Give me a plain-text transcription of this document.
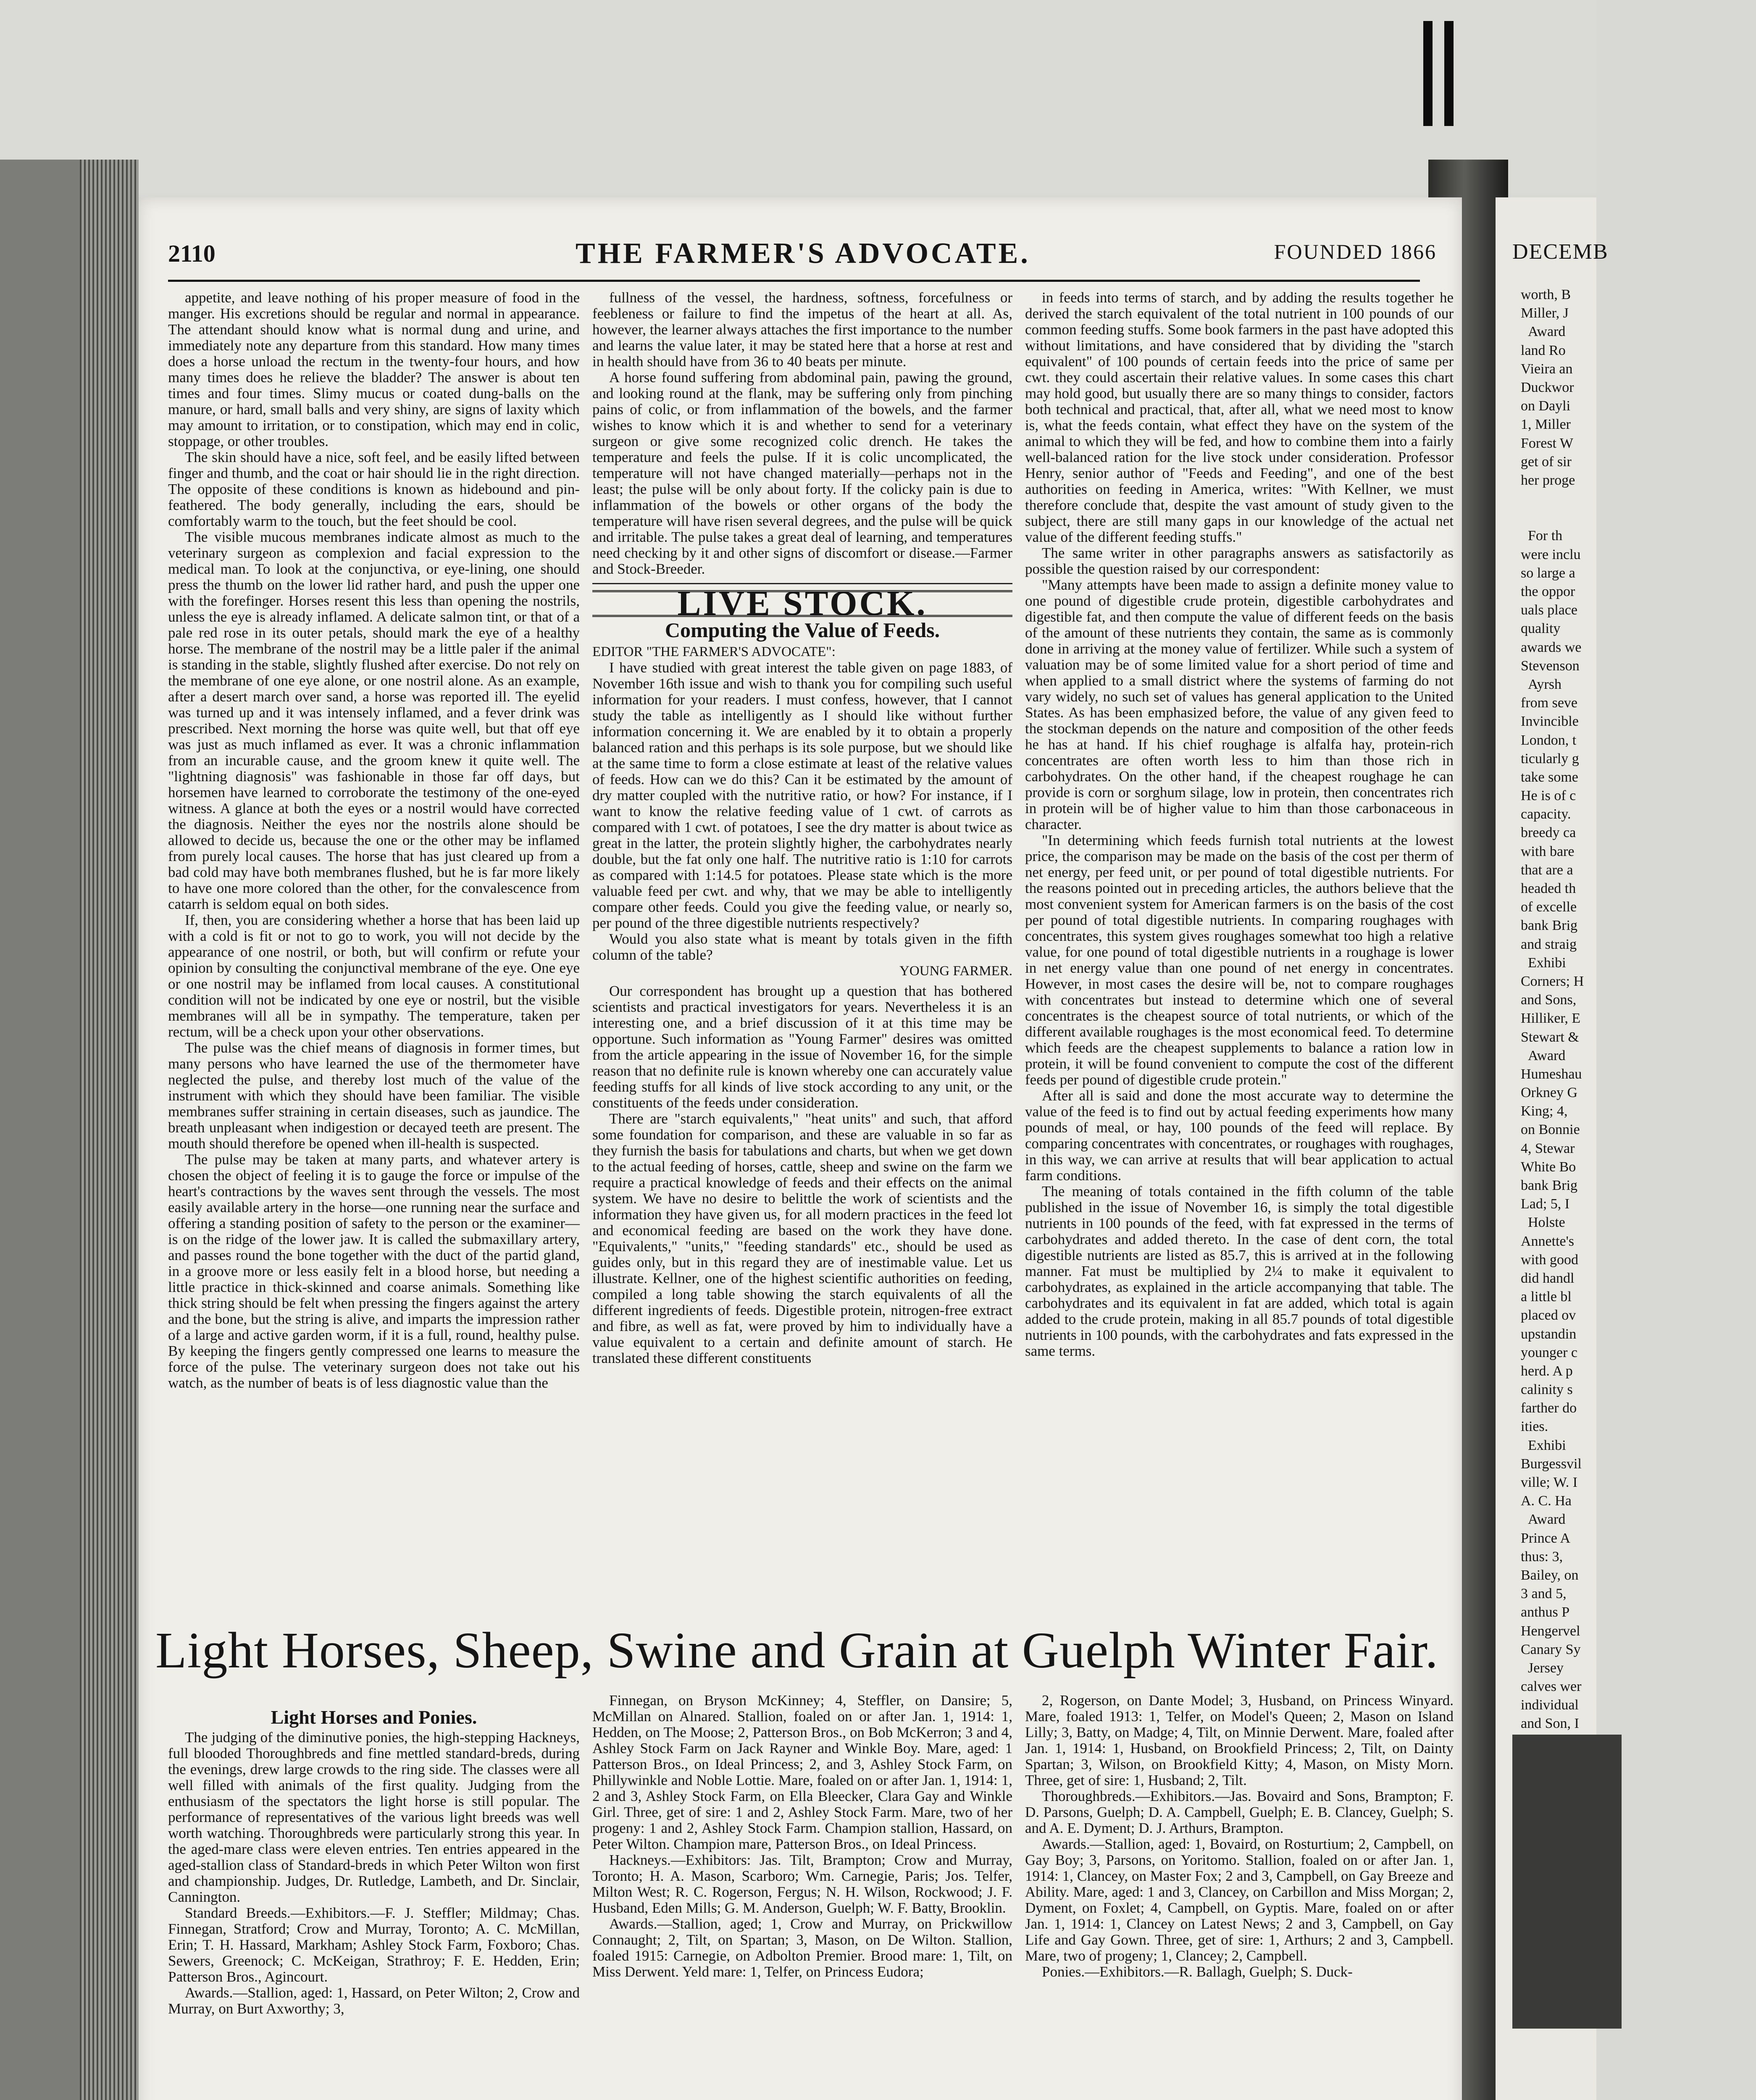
DECEMB
worth, B
Miller, J
Award
land Ro
Vieira an
Duckwor
on Dayli
1, Miller
Forest W
get of sir
her proge

For th
were inclu
so large a
the oppor
uals place
quality
awards we
Stevenson
Ayrsh
from seve
Invincible
London, t
ticularly g
take some
He is of c
capacity.
breedy ca
with bare
that are a
headed th
of excelle
bank Brig
and straig
Exhibi
Corners; H
and Sons,
Hilliker, E
Stewart &
Award
Humeshau
Orkney G
King; 4,
on Bonnie
4, Stewar
White Bo
bank Brig
Lad; 5, I
Holste
Annette's
with good
did handl
a little bl
placed ov
upstandin
younger c
herd. A p
calinity s
farther do
ities.
Exhibi
Burgessvil
ville; W. I
A. C. Ha
Award
Prince A
thus: 3,
Bailey, on
3 and 5,
anthus P
Hengervel
Canary Sy
Jersey
calves wer
individual
and Son, I

2110	THE FARMER'S ADVOCATE.	FOUNDED 1866

appetite, and leave nothing of his proper measure of food in the manger. His excretions should be regular and normal in appearance. The attendant should know what is normal dung and urine, and immediately note any departure from this standard. How many times does a horse unload the rectum in the twenty-four hours, and how many times does he relieve the bladder? The answer is about ten times and four times. Slimy mucus or coated dung-balls on the manure, or hard, small balls and very shiny, are signs of laxity which may amount to irritation, or to constipation, which may end in colic, stoppage, or other troubles.

The skin should have a nice, soft feel, and be easily lifted between finger and thumb, and the coat or hair should lie in the right direction. The opposite of these conditions is known as hidebound and pin-feathered. The body generally, including the ears, should be comfortably warm to the touch, but the feet should be cool.

The visible mucous membranes indicate almost as much to the veterinary surgeon as complexion and facial expression to the medical man. To look at the conjunctiva, or eye-lining, one should press the thumb on the lower lid rather hard, and push the upper one with the forefinger. Horses resent this less than opening the nostrils, unless the eye is already inflamed. A delicate salmon tint, or that of a pale red rose in its outer petals, should mark the eye of a healthy horse. The membrane of the nostril may be a little paler if the animal is standing in the stable, slightly flushed after exercise. Do not rely on the membrane of one eye alone, or one nostril alone. As an example, after a desert march over sand, a horse was reported ill. The eyelid was turned up and it was intensely inflamed, and a fever drink was prescribed. Next morning the horse was quite well, but that off eye was just as much inflamed as ever. It was a chronic inflammation from an incurable cause, and the groom knew it quite well. The "lightning diagnosis" was fashionable in those far off days, but horsemen have learned to corroborate the testimony of the one-eyed witness. A glance at both the eyes or a nostril would have corrected the diagnosis. Neither the eyes nor the nostrils alone should be allowed to decide us, because the one or the other may be inflamed from purely local causes. The horse that has just cleared up from a bad cold may have both membranes flushed, but he is far more likely to have one more colored than the other, for the convalescence from catarrh is seldom equal on both sides.

If, then, you are considering whether a horse that has been laid up with a cold is fit or not to go to work, you will not decide by the appearance of one nostril, or both, but will confirm or refute your opinion by consulting the conjunctival membrane of the eye. One eye or one nostril may be inflamed from local causes. A constitutional condition will not be indicated by one eye or nostril, but the visible membranes will all be in sympathy. The temperature, taken per rectum, will be a check upon your other observations.

The pulse was the chief means of diagnosis in former times, but many persons who have learned the use of the thermometer have neglected the pulse, and thereby lost much of the value of the instrument with which they should have been familiar. The visible membranes suffer straining in certain diseases, such as jaundice. The breath unpleasant when indigestion or decayed teeth are present. The mouth should therefore be opened when ill-health is suspected.

The pulse may be taken at many parts, and whatever artery is chosen the object of feeling it is to gauge the force or impulse of the heart's contractions by the waves sent through the vessels. The most easily available artery in the horse—one running near the surface and offering a standing position of safety to the person or the examiner—is on the ridge of the lower jaw. It is called the submaxillary artery, and passes round the bone together with the duct of the partid gland, in a groove more or less easily felt in a blood horse, but needing a little practice in thick-skinned and coarse animals. Something like thick string should be felt when pressing the fingers against the artery and the bone, but the string is alive, and imparts the impression rather of a large and active garden worm, if it is a full, round, healthy pulse. By keeping the fingers gently compressed one learns to measure the force of the pulse. The veterinary surgeon does not take out his watch, as the number of beats is of less diagnostic value than the

fullness of the vessel, the hardness, softness, forcefulness or feebleness or failure to find the impetus of the heart at all. As, however, the learner always attaches the first importance to the number and learns the value later, it may be stated here that a horse at rest and in health should have from 36 to 40 beats per minute.

A horse found suffering from abdominal pain, pawing the ground, and looking round at the flank, may be suffering only from pinching pains of colic, or from inflammation of the bowels, and the farmer wishes to know which it is and whether to send for a veterinary surgeon or give some recognized colic drench. He takes the temperature and feels the pulse. If it is colic uncomplicated, the temperature will not have changed materially—perhaps not in the least; the pulse will be only about forty. If the colicky pain is due to inflammation of the bowels or other organs of the body the temperature will have risen several degrees, and the pulse will be quick and irritable. The pulse takes a great deal of learning, and temperatures need checking by it and other signs of discomfort or disease.—Farmer and Stock-Breeder.

LIVE STOCK.
Computing the Value of Feeds.

EDITOR "THE FARMER'S ADVOCATE":

I have studied with great interest the table given on page 1883, of November 16th issue and wish to thank you for compiling such useful information for your readers. I must confess, however, that I cannot study the table as intelligently as I should like without further information concerning it. We are enabled by it to obtain a properly balanced ration and this perhaps is its sole purpose, but we should like at the same time to form a close estimate at least of the relative values of feeds. How can we do this? Can it be estimated by the amount of dry matter coupled with the nutritive ratio, or how? For instance, if I want to know the relative feeding value of 1 cwt. of carrots as compared with 1 cwt. of potatoes, I see the dry matter is about twice as great in the latter, the protein slightly higher, the carbohydrates nearly double, but the fat only one half. The nutritive ratio is 1:10 for carrots as compared with 1:14.5 for potatoes. Please state which is the more valuable feed per cwt. and why, that we may be able to intelligently compare other feeds. Could you give the feeding value, or nearly so, per pound of the three digestible nutrients respectively?

Would you also state what is meant by totals given in the fifth column of the table?

YOUNG FARMER.

Our correspondent has brought up a question that has bothered scientists and practical investigators for years. Nevertheless it is an interesting one, and a brief discussion of it at this time may be opportune. Such information as "Young Farmer" desires was omitted from the article appearing in the issue of November 16, for the simple reason that no definite rule is known whereby one can accurately value feeding stuffs for all kinds of live stock according to any unit, or the constituents of the feeds under consideration.

There are "starch equivalents," "heat units" and such, that afford some foundation for comparison, and these are valuable in so far as they furnish the basis for tabulations and charts, but when we get down to the actual feeding of horses, cattle, sheep and swine on the farm we require a practical knowledge of feeds and their effects on the animal system. We have no desire to belittle the work of scientists and the information they have given us, for all modern practices in the feed lot and economical feeding are based on the work they have done. "Equivalents," "units," "feeding standards" etc., should be used as guides only, but in this regard they are of inestimable value. Let us illustrate. Kellner, one of the highest scientific authorities on feeding, compiled a long table showing the starch equivalents of all the different ingredients of feeds. Digestible protein, nitrogen-free extract and fibre, as well as fat, were proved by him to individually have a value equivalent to a certain and definite amount of starch. He translated these different constituents

in feeds into terms of starch, and by adding the results together he derived the starch equivalent of the total nutrient in 100 pounds of our common feeding stuffs. Some book farmers in the past have adopted this without limitations, and have considered that by dividing the "starch equivalent" of 100 pounds of certain feeds into the price of same per cwt. they could ascertain their relative values. In some cases this chart may hold good, but usually there are so many things to consider, factors both technical and practical, that, after all, what we need most to know is, what the feeds contain, what effect they have on the system of the animal to which they will be fed, and how to combine them into a fairly well-balanced ration for the live stock under consideration. Professor Henry, senior author of "Feeds and Feeding", and one of the best authorities on feeding in America, writes: "With Kellner, we must therefore conclude that, despite the vast amount of study given to the subject, there are still many gaps in our knowledge of the actual net value of the different feeding stuffs."

The same writer in other paragraphs answers as satisfactorily as possible the question raised by our correspondent:

"Many attempts have been made to assign a definite money value to one pound of digestible crude protein, digestible carbohydrates and digestible fat, and then compute the value of different feeds on the basis of the amount of these nutrients they contain, the same as is commonly done in arriving at the money value of fertilizer. While such a system of valuation may be of some limited value for a short period of time and when applied to a small district where the systems of farming do not vary widely, no such set of values has general application to the United States. As has been emphasized before, the value of any given feed to the stockman depends on the nature and composition of the other feeds he has at hand. If his chief roughage is alfalfa hay, protein-rich concentrates are often worth less to him than those rich in carbohydrates. On the other hand, if the cheapest roughage he can provide is corn or sorghum silage, low in protein, then concentrates rich in protein will be of higher value to him than those carbonaceous in character.

"In determining which feeds furnish total nutrients at the lowest price, the comparison may be made on the basis of the cost per therm of net energy, per feed unit, or per pound of total digestible nutrients. For the reasons pointed out in preceding articles, the authors believe that the most convenient system for American farmers is on the basis of the cost per pound of total digestible nutrients. In comparing roughages with concentrates, this system gives roughages somewhat too high a relative value, for one pound of total digestible nutrients in a roughage is lower in net energy value than one pound of net energy in concentrates. However, in most cases the desire will be, not to compare roughages with concentrates but instead to determine which one of several concentrates is the cheapest source of total nutrients, or which of the different available roughages is the most economical feed. To determine which feeds are the cheapest supplements to balance a ration low in protein, it will be found convenient to compute the cost of the different feeds per pound of digestible crude protein."

After all is said and done the most accurate way to determine the value of the feed is to find out by actual feeding experiments how many pounds of meal, or hay, 100 pounds of the feed will replace. By comparing concentrates with concentrates, or roughages with roughages, in this way, we can arrive at results that will bear application to actual farm conditions.

The meaning of totals contained in the fifth column of the table published in the issue of November 16, is simply the total digestible nutrients in 100 pounds of the feed, with fat expressed in the terms of carbohydrates and added thereto. In the case of dent corn, the total digestible nutrients are listed as 85.7, this is arrived at in the following manner. Fat must be multiplied by 2¼ to make it equivalent to carbohydrates, as explained in the article accompanying that table. The carbohydrates and its equivalent in fat are added, which total is again added to the crude protein, making in all 85.7 pounds of total digestible nutrients in 100 pounds, with the carbohydrates and fats expressed in the same terms.

Light Horses, Sheep, Swine and Grain at Guelph Winter Fair.
Light Horses and Ponies.

The judging of the diminutive ponies, the high-stepping Hackneys, full blooded Thoroughbreds and fine mettled standard-breds, during the evenings, drew large crowds to the ring side. The classes were all well filled with animals of the first quality. Judging from the enthusiasm of the spectators the light horse is still popular. The performance of representatives of the various light breeds was well worth watching. Thoroughbreds were particularly strong this year. In the aged-mare class were eleven entries. Ten entries appeared in the aged-stallion class of Standard-breds in which Peter Wilton won first and championship. Judges, Dr. Rutledge, Lambeth, and Dr. Sinclair, Cannington.

Standard Breeds.—Exhibitors.—F. J. Steffler; Mildmay; Chas. Finnegan, Stratford; Crow and Murray, Toronto; A. C. McMillan, Erin; T. H. Hassard, Markham; Ashley Stock Farm, Foxboro; Chas. Sewers, Greenock; C. McKeigan, Strathroy; F. E. Hedden, Erin; Patterson Bros., Agincourt.

Awards.—Stallion, aged: 1, Hassard, on Peter Wilton; 2, Crow and Murray, on Burt Axworthy; 3,

Finnegan, on Bryson McKinney; 4, Steffler, on Dansire; 5, McMillan on Alnared. Stallion, foaled on or after Jan. 1, 1914: 1, Hedden, on The Moose; 2, Patterson Bros., on Bob McKerron; 3 and 4, Ashley Stock Farm on Jack Rayner and Winkle Boy. Mare, aged: 1 Patterson Bros., on Ideal Princess; 2, and 3, Ashley Stock Farm, on Phillywinkle and Noble Lottie. Mare, foaled on or after Jan. 1, 1914: 1, 2 and 3, Ashley Stock Farm, on Ella Bleecker, Clara Gay and Winkle Girl. Three, get of sire: 1 and 2, Ashley Stock Farm. Mare, two of her progeny: 1 and 2, Ashley Stock Farm. Champion stallion, Hassard, on Peter Wilton. Champion mare, Patterson Bros., on Ideal Princess.

Hackneys.—Exhibitors: Jas. Tilt, Brampton; Crow and Murray, Toronto; H. A. Mason, Scarboro; Wm. Carnegie, Paris; Jos. Telfer, Milton West; R. C. Rogerson, Fergus; N. H. Wilson, Rockwood; J. F. Husband, Eden Mills; G. M. Anderson, Guelph; W. F. Batty, Brooklin.

Awards.—Stallion, aged; 1, Crow and Murray, on Prickwillow Connaught; 2, Tilt, on Spartan; 3, Mason, on De Wilton. Stallion, foaled 1915: Carnegie, on Adbolton Premier. Brood mare: 1, Tilt, on Miss Derwent. Yeld mare: 1, Telfer, on Princess Eudora;

2, Rogerson, on Dante Model; 3, Husband, on Princess Winyard. Mare, foaled 1913: 1, Telfer, on Model's Queen; 2, Mason on Island Lilly; 3, Batty, on Madge; 4, Tilt, on Minnie Derwent. Mare, foaled after Jan. 1, 1914: 1, Husband, on Brookfield Princess; 2, Tilt, on Dainty Spartan; 3, Wilson, on Brookfield Kitty; 4, Mason, on Misty Morn. Three, get of sire: 1, Husband; 2, Tilt.

Thoroughbreds.—Exhibitors.—Jas. Bovaird and Sons, Brampton; F. D. Parsons, Guelph; D. A. Campbell, Guelph; E. B. Clancey, Guelph; S. and A. E. Dyment; D. J. Arthurs, Brampton.

Awards.—Stallion, aged: 1, Bovaird, on Rosturtium; 2, Campbell, on Gay Boy; 3, Parsons, on Yoritomo. Stallion, foaled on or after Jan. 1, 1914: 1, Clancey, on Master Fox; 2 and 3, Campbell, on Gay Breeze and Ability. Mare, aged: 1 and 3, Clancey, on Carbillon and Miss Morgan; 2, Dyment, on Foxlet; 4, Campbell, on Gyptis. Mare, foaled on or after Jan. 1, 1914: 1, Clancey on Latest News; 2 and 3, Campbell, on Gay Life and Gay Gown. Three, get of sire: 1, Arthurs; 2 and 3, Campbell. Mare, two of progeny; 1, Clancey; 2, Campbell.

Ponies.—Exhibitors.—R. Ballagh, Guelph; S. Duck-
